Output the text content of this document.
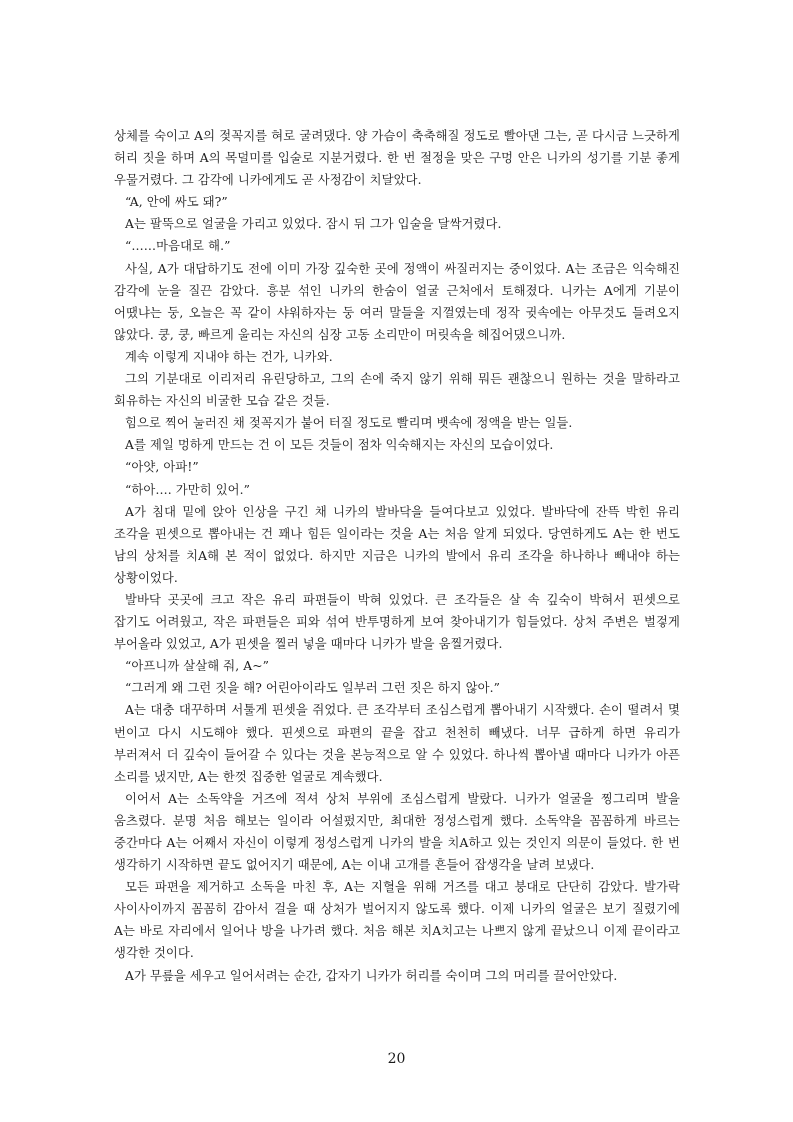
상체를 숙이고 A의 젖꼭지를 혀로 굴려댔다. 양 가슴이 축축해질 정도로 빨아댄 그는, 곧 다시금 느긋하게 허리 짓을 하며 A의 목덜미를 입술로 지분거렸다. 한 번 절정을 맞은 구멍 안은 니카의 성기를 기분 좋게 우물거렸다. 그 감각에 니카에게도 곧 사정감이 치달았다.

“A, 안에 싸도 돼?”

A는 팔뚝으로 얼굴을 가리고 있었다. 잠시 뒤 그가 입술을 달싹거렸다.

“……마음대로 해.”

사실, A가 대답하기도 전에 이미 가장 깊숙한 곳에 정액이 싸질러지는 중이었다. A는 조금은 익숙해진 감각에 눈을 질끈 감았다. 흥분 섞인 니카의 한숨이 얼굴 근처에서 토해졌다. 니카는 A에게 기분이 어땠냐는 둥, 오늘은 꼭 같이 샤워하자는 둥 여러 말들을 지껄였는데 정작 귓속에는 아무것도 들려오지 않았다. 쿵, 쿵, 빠르게 울리는 자신의 심장 고동 소리만이 머릿속을 헤집어댔으니까.

계속 이렇게 지내야 하는 건가, 니카와.

그의 기분대로 이리저리 유린당하고, 그의 손에 죽지 않기 위해 뭐든 괜찮으니 원하는 것을 말하라고 회유하는 자신의 비굴한 모습 같은 것들.

힘으로 찍어 눌러진 채 젖꼭지가 붙어 터질 정도로 빨리며 뱃속에 정액을 받는 일들.

A를 제일 멍하게 만드는 건 이 모든 것들이 점차 익숙해지는 자신의 모습이었다.

“아얏, 아파!”

“하아…. 가만히 있어.”

A가 침대 밑에 앉아 인상을 구긴 채 니카의 발바닥을 들여다보고 있었다. 발바닥에 잔뜩 박힌 유리 조각을 핀셋으로 뽑아내는 건 꽤나 힘든 일이라는 것을 A는 처음 알게 되었다. 당연하게도 A는 한 번도 남의 상처를 치A해 본 적이 없었다. 하지만 지금은 니카의 발에서 유리 조각을 하나하나 빼내야 하는 상황이었다.

발바닥 곳곳에 크고 작은 유리 파편들이 박혀 있었다. 큰 조각들은 살 속 깊숙이 박혀서 핀셋으로 잡기도 어려웠고, 작은 파편들은 피와 섞여 반투명하게 보여 찾아내기가 힘들었다. 상처 주변은 벌겋게 부어올라 있었고, A가 핀셋을 찔러 넣을 때마다 니카가 발을 움찔거렸다.

“아프니까 살살해 줘, A~”

“그러게 왜 그런 짓을 해? 어린아이라도 일부러 그런 짓은 하지 않아.”

A는 대충 대꾸하며 서툴게 핀셋을 쥐었다. 큰 조각부터 조심스럽게 뽑아내기 시작했다. 손이 떨려서 몇 번이고 다시 시도해야 했다. 핀셋으로 파편의 끝을 잡고 천천히 빼냈다. 너무 급하게 하면 유리가 부러져서 더 깊숙이 들어갈 수 있다는 것을 본능적으로 알 수 있었다. 하나씩 뽑아낼 때마다 니카가 아픈 소리를 냈지만, A는 한껏 집중한 얼굴로 계속했다.

이어서 A는 소독약을 거즈에 적셔 상처 부위에 조심스럽게 발랐다. 니카가 얼굴을 찡그리며 발을 움츠렸다. 분명 처음 해보는 일이라 어설펐지만, 최대한 정성스럽게 했다. 소독약을 꼼꼼하게 바르는 중간마다 A는 어째서 자신이 이렇게 정성스럽게 니카의 발을 치A하고 있는 것인지 의문이 들었다. 한 번 생각하기 시작하면 끝도 없어지기 때문에, A는 이내 고개를 흔들어 잡생각을 날려 보냈다.

모든 파편을 제거하고 소독을 마친 후, A는 지혈을 위해 거즈를 대고 붕대로 단단히 감았다. 발가락 사이사이까지 꼼꼼히 감아서 걸을 때 상처가 벌어지지 않도록 했다. 이제 니카의 얼굴은 보기 질렸기에 A는 바로 자리에서 일어나 방을 나가려 했다. 처음 해본 치A치고는 나쁘지 않게 끝났으니 이제 끝이라고 생각한 것이다.

A가 무릎을 세우고 일어서려는 순간, 갑자기 니카가 허리를 숙이며 그의 머리를 끌어안았다.

20
